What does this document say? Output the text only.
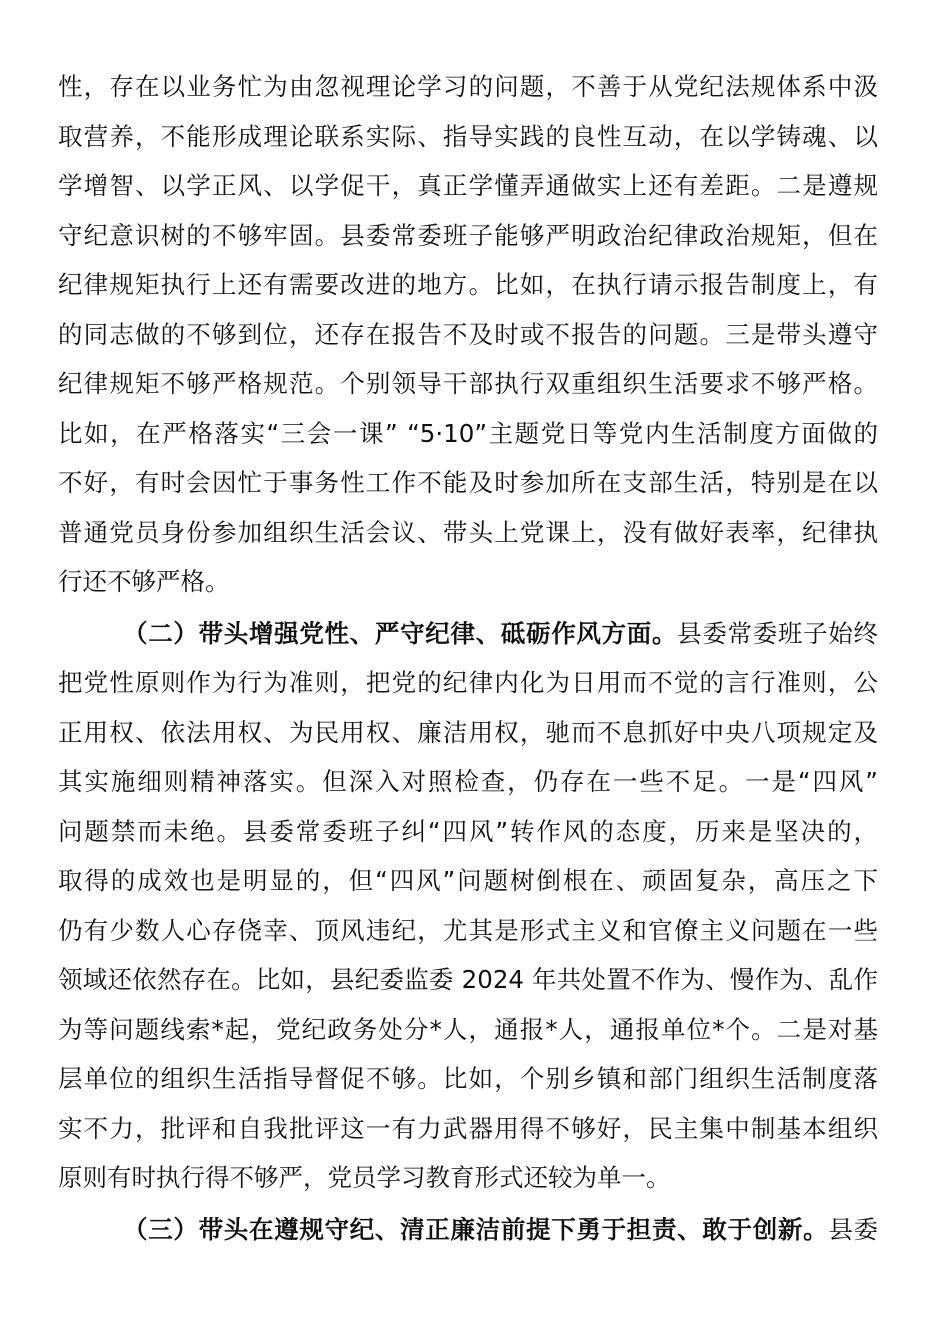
性，存在以业务忙为由忽视理论学习的问题，不善于从党纪法规体系中汲
取营养，不能形成理论联系实际、指导实践的良性互动，在以学铸魂、以
学增智、以学正风、以学促干，真正学懂弄通做实上还有差距。二是遵规
守纪意识树的不够牢固。县委常委班子能够严明政治纪律政治规矩，但在
纪律规矩执行上还有需要改进的地方。比如，在执行请示报告制度上，有
的同志做的不够到位，还存在报告不及时或不报告的问题。三是带头遵守
纪律规矩不够严格规范。个别领导干部执行双重组织生活要求不够严格。
比如，在严格落实“三会一课” “5·10”主题党日等党内生活制度方面做的
不好，有时会因忙于事务性工作不能及时参加所在支部生活，特别是在以
普通党员身份参加组织生活会议、带头上党课上，没有做好表率，纪律执
行还不够严格。
（二）带头增强党性、严守纪律、砥砺作风方面。县委常委班子始终
把党性原则作为行为准则，把党的纪律内化为日用而不觉的言行准则，公
正用权、依法用权、为民用权、廉洁用权，驰而不息抓好中央八项规定及
其实施细则精神落实。但深入对照检查，仍存在一些不足。一是“四风”
问题禁而未绝。县委常委班子纠“四风”转作风的态度，历来是坚决的，
取得的成效也是明显的，但“四风”问题树倒根在、顽固复杂，高压之下
仍有少数人心存侥幸、顶风违纪，尤其是形式主义和官僚主义问题在一些
领域还依然存在。比如，县纪委监委 2024 年共处置不作为、慢作为、乱作
为等问题线索*起，党纪政务处分*人，通报*人，通报单位*个。二是对基
层单位的组织生活指导督促不够。比如，个别乡镇和部门组织生活制度落
实不力，批评和自我批评这一有力武器用得不够好，民主集中制基本组织
原则有时执行得不够严，党员学习教育形式还较为单一。
（三）带头在遵规守纪、清正廉洁前提下勇于担责、敢于创新。县委
